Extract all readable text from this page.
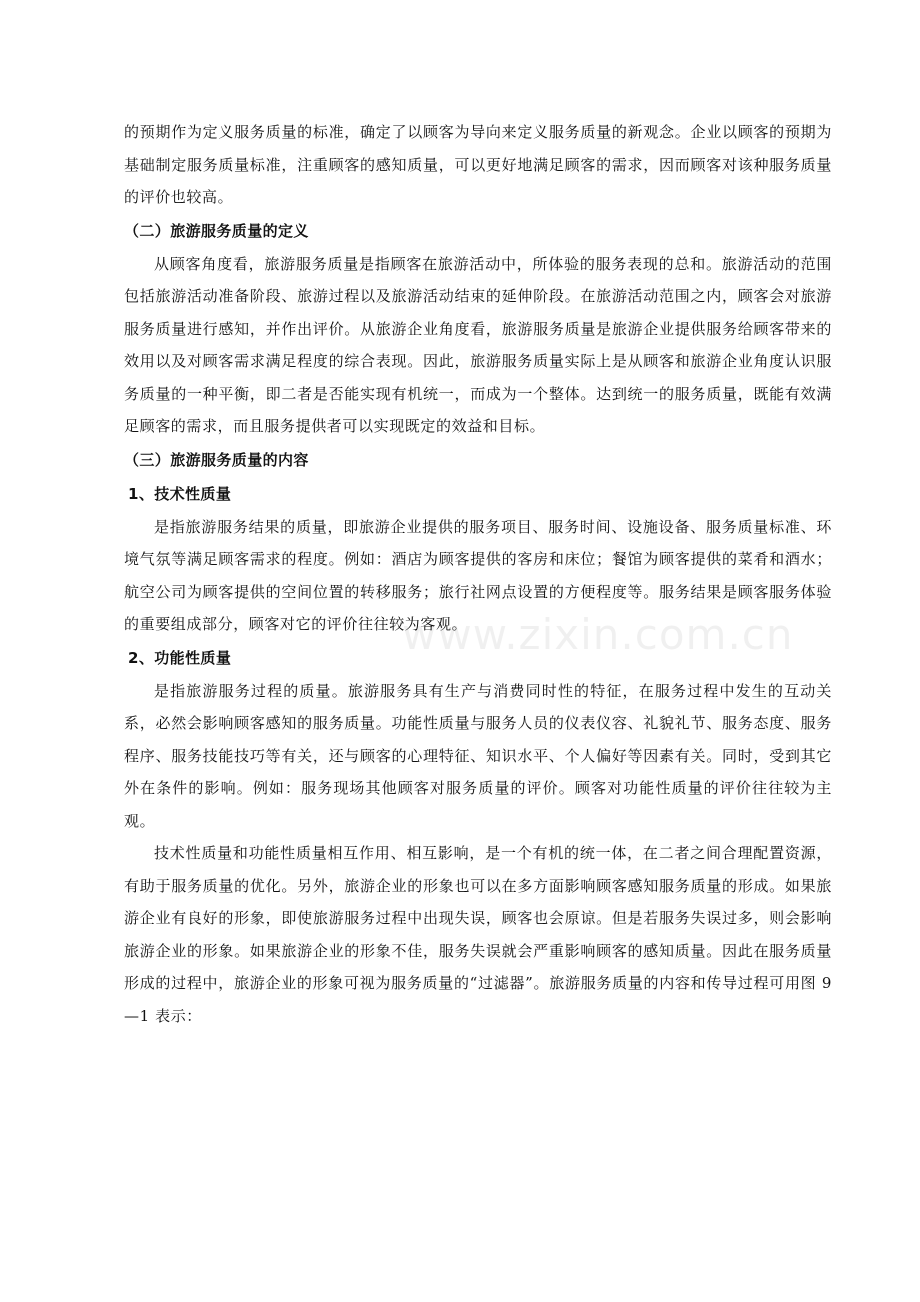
的预期作为定义服务质量的标准，确定了以顾客为导向来定义服务质量的新观念。企业以顾客的预期为基础制定服务质量标准，注重顾客的感知质量，可以更好地满足顾客的需求，因而顾客对该种服务质量的评价也较高。

（二）旅游服务质量的定义

从顾客角度看，旅游服务质量是指顾客在旅游活动中，所体验的服务表现的总和。旅游活动的范围包括旅游活动准备阶段、旅游过程以及旅游活动结束的延伸阶段。在旅游活动范围之内，顾客会对旅游服务质量进行感知，并作出评价。从旅游企业角度看，旅游服务质量是旅游企业提供服务给顾客带来的效用以及对顾客需求满足程度的综合表现。因此，旅游服务质量实际上是从顾客和旅游企业角度认识服务质量的一种平衡，即二者是否能实现有机统一，而成为一个整体。达到统一的服务质量，既能有效满足顾客的需求，而且服务提供者可以实现既定的效益和目标。

（三）旅游服务质量的内容
1、技术性质量

是指旅游服务结果的质量，即旅游企业提供的服务项目、服务时间、设施设备、服务质量标准、环境气氛等满足顾客需求的程度。例如：酒店为顾客提供的客房和床位；餐馆为顾客提供的菜肴和酒水；航空公司为顾客提供的空间位置的转移服务；旅行社网点设置的方便程度等。服务结果是顾客服务体验的重要组成部分，顾客对它的评价往往较为客观。

2、功能性质量

是指旅游服务过程的质量。旅游服务具有生产与消费同时性的特征，在服务过程中发生的互动关系，必然会影响顾客感知的服务质量。功能性质量与服务人员的仪表仪容、礼貌礼节、服务态度、服务程序、服务技能技巧等有关，还与顾客的心理特征、知识水平、个人偏好等因素有关。同时，受到其它外在条件的影响。例如：服务现场其他顾客对服务质量的评价。顾客对功能性质量的评价往往较为主观。

技术性质量和功能性质量相互作用、相互影响，是一个有机的统一体，在二者之间合理配置资源，有助于服务质量的优化。另外，旅游企业的形象也可以在多方面影响顾客感知服务质量的形成。如果旅游企业有良好的形象，即使旅游服务过程中出现失误，顾客也会原谅。但是若服务失误过多，则会影响旅游企业的形象。如果旅游企业的形象不佳，服务失误就会严重影响顾客的感知质量。因此在服务质量形成的过程中，旅游企业的形象可视为服务质量的“过滤器”。旅游服务质量的内容和传导过程可用图 9—1 表示：

www.zixin.com.cn
